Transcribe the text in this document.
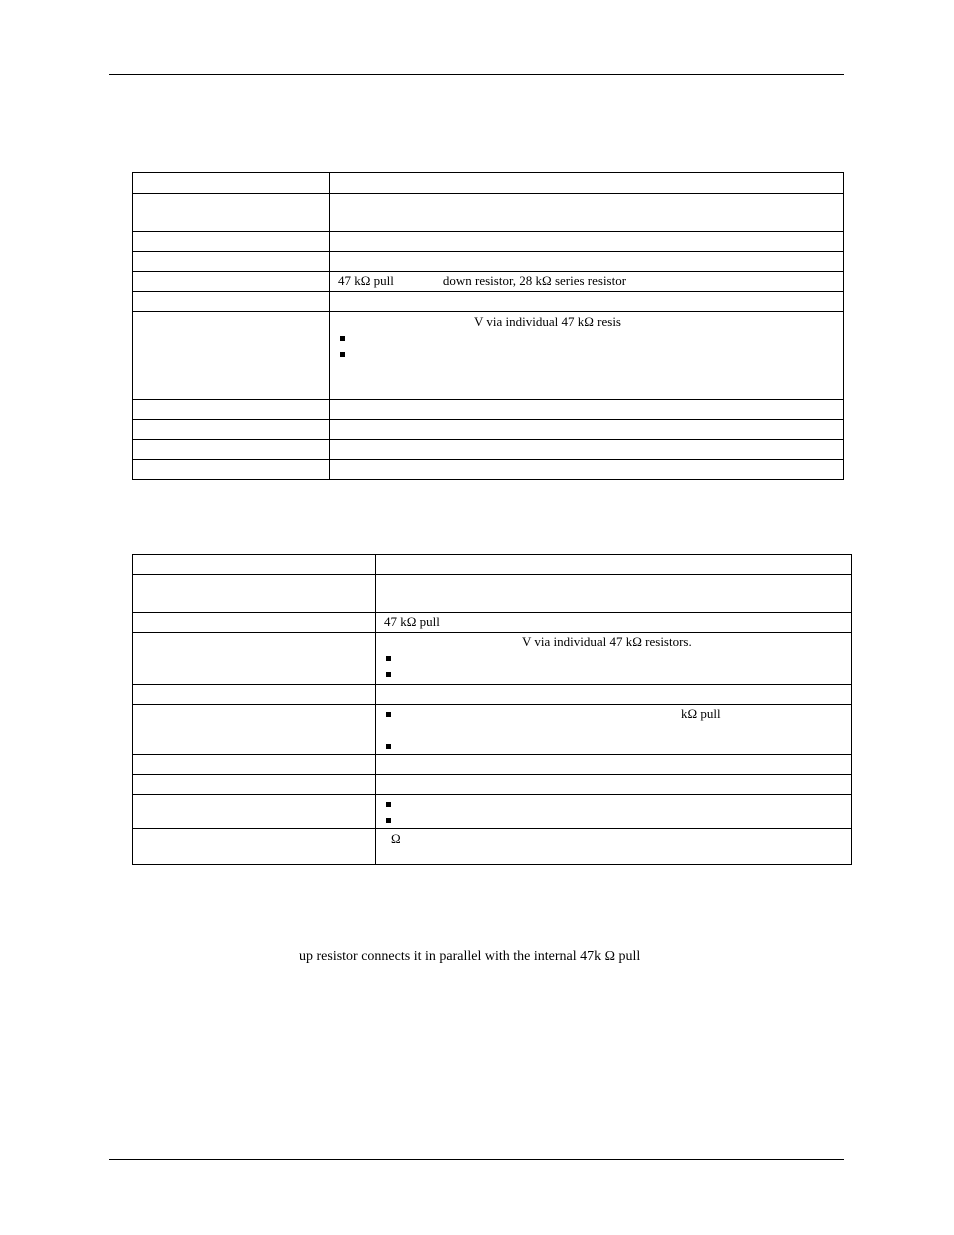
	47 kΩ pull down resistor, 28 kΩ series resistor

	V via individual 47 kΩ resis

	47 kΩ pull

	V via individual 47 kΩ resistors.

	kΩ pull

	Ω
up resistor connects it in parallel with the internal 47k Ω pull
